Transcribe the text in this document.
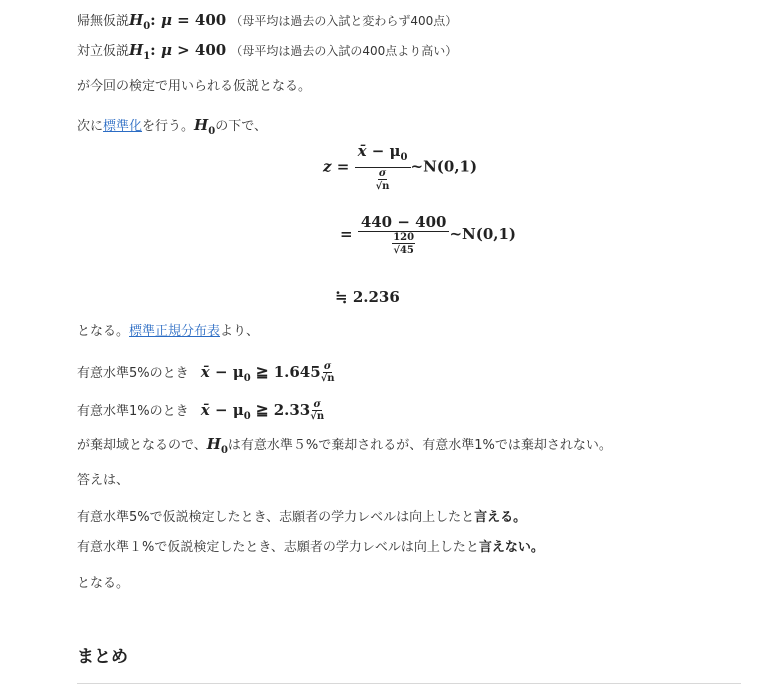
帰無仮説$H_0$: μ = 400 （母平均は過去の入試と変わらず400点）
対立仮説$H_1$: μ > 400 （母平均は過去の入試の400点より高い）
が今回の検定で用いられる仮説となる。
次に標準化を行う。$H_0$の下で、
$z = \frac{x̄ - \mu_0}{\frac{\sigma}{√n}}$ ~N(0,1)
= $\frac{440 - 400}{\frac{120}{√45}}$ ~N(0,1)
≒ 2.236
となる。標準正規分布表より、
有意水準5%のとき x̄ − $\mu_0$ ≧ $1.645 \frac{\sigma}{√n}$
有意水準1%のとき x̄ − $\mu_0$ ≧ $2.33 \frac{\sigma}{√n}$
が棄却域となるので、$H_0$は有意水準５%で棄却されるが、有意水準1%では棄却されない。
答えは、
有意水準5%で仮説検定したとき、志願者の学力レベルは向上したと言える。
有意水準１%で仮説検定したとき、志願者の学力レベルは向上したと言えない。
となる。
まとめ
